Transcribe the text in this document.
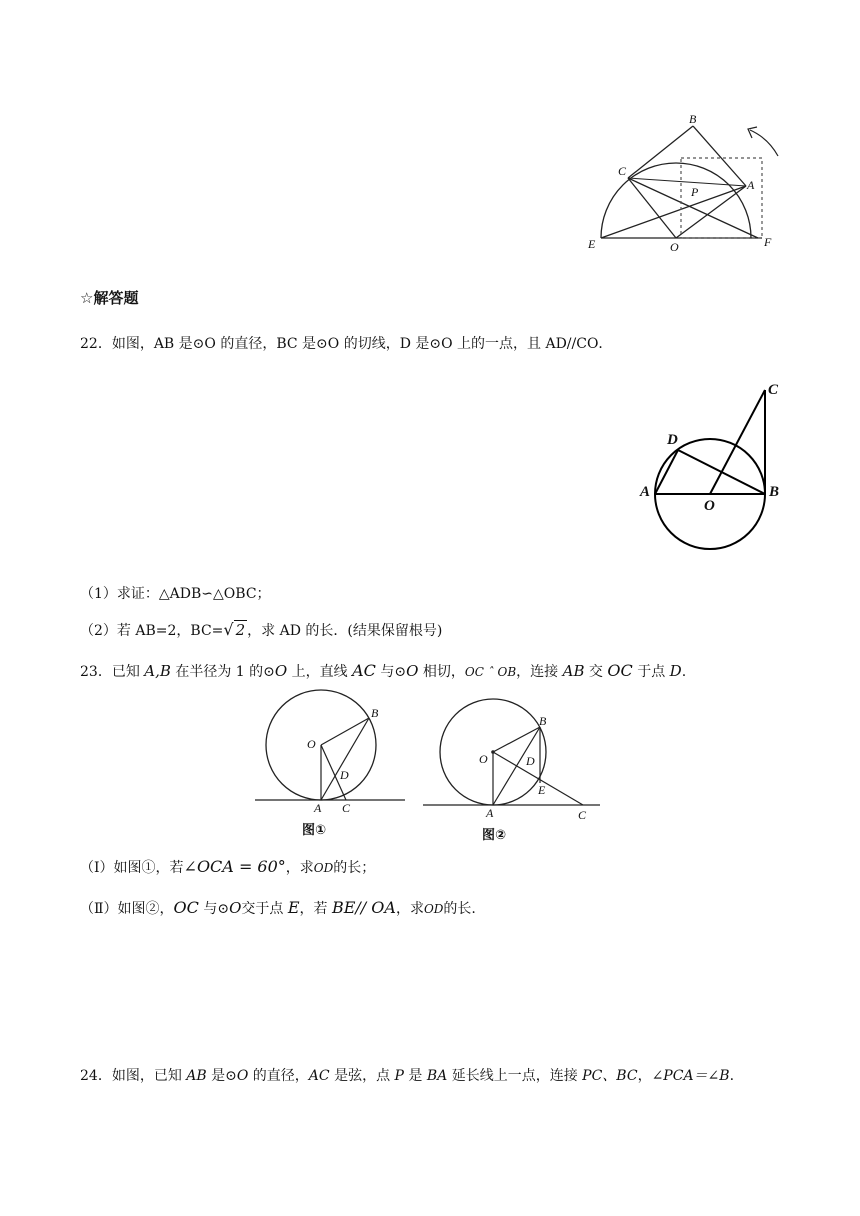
B
C
A
P
E	O	F
☆解答题
22．如图，AB 是⊙O 的直径，BC 是⊙O 的切线，D 是⊙O 上的一点，且 AD//CO．
C
D
A	B
O
（1）求证：△ADB∽△OBC；
（2）若 AB=2，BC=√ 2 ，求 AD 的长．(结果保留根号)
23．已知 A,B 在半径为 1 的⊙O 上，直线 AC 与⊙O 相切，OC ˆ OB，连接 AB 交 OC 于点 D.
B
O
D
A C
图①
B
O	D
E
A	C
图②
（Ⅰ）如图①，若∠OCA = 60°，求OD的长；
（Ⅱ）如图②，OC 与⊙O交于点 E，若 BE// OA，求OD的长.
24．如图，已知 AB 是⊙O 的直径，AC 是弦，点 P 是 BA 延长线上一点，连接 PC、BC，∠PCA＝∠B.
